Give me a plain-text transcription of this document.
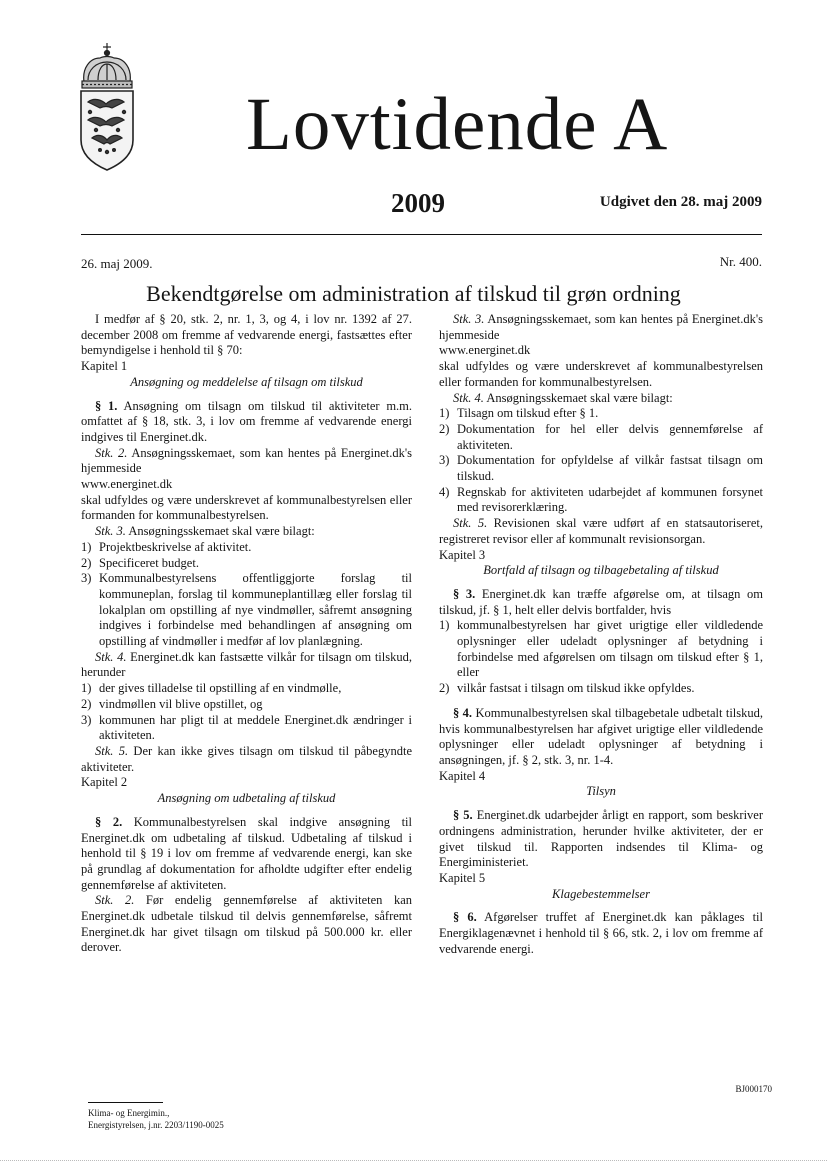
Lovtidende A
2009	Udgivet den 28. maj 2009
26. maj 2009.	Nr. 400.
Bekendtgørelse om administration af tilskud til grøn ordning

I medfør af § 20, stk. 2, nr. 1, 3, og 4, i lov nr. 1392 af 27. december 2008 om fremme af vedvarende energi, fastsættes efter bemyndigelse i henhold til § 70:

Kapitel 1

Ansøgning og meddelelse af tilsagn om tilskud

§ 1. Ansøgning om tilsagn om tilskud til aktiviteter m.m. omfattet af § 18, stk. 3, i lov om fremme af vedvarende energi indgives til Energinet.dk.

Stk. 2. Ansøgningsskemaet, som kan hentes på Energinet.dk's hjemmeside

www.energinet.dk

skal udfyldes og være underskrevet af kommunalbestyrelsen eller formanden for kommunalbestyrelsen.

Stk. 3. Ansøgningsskemaet skal være bilagt:

1) Projektbeskrivelse af aktivitet.
2) Specificeret budget.
3) Kommunalbestyrelsens offentliggjorte forslag til kommuneplan, forslag til kommuneplantillæg eller forslag til lokalplan om opstilling af nye vindmøller, såfremt ansøgning indgives i forbindelse med behandlingen af ansøgning om opstilling af vindmøller i medfør af lov planlægning.

Stk. 4. Energinet.dk kan fastsætte vilkår for tilsagn om tilskud, herunder

1) der gives tilladelse til opstilling af en vindmølle,
2) vindmøllen vil blive opstillet, og
3) kommunen har pligt til at meddele Energinet.dk ændringer i aktiviteten.

Stk. 5. Der kan ikke gives tilsagn om tilskud til påbegyndte aktiviteter.

Kapitel 2

Ansøgning om udbetaling af tilskud

§ 2. Kommunalbestyrelsen skal indgive ansøgning til Energinet.dk om udbetaling af tilskud. Udbetaling af tilskud i henhold til § 19 i lov om fremme af vedvarende energi, kan ske på grundlag af dokumentation for afholdte udgifter efter endelig gennemførelse af aktiviteten.

Stk. 2. Før endelig gennemførelse af aktiviteten kan Energinet.dk udbetale tilskud til delvis gennemførelse, såfremt Energinet.dk har givet tilsagn om tilskud på 500.000 kr. eller derover.

Stk. 3. Ansøgningsskemaet, som kan hentes på Energinet.dk's hjemmeside

www.energinet.dk

skal udfyldes og være underskrevet af kommunalbestyrelsen eller formanden for kommunalbestyrelsen.

Stk. 4. Ansøgningsskemaet skal være bilagt:

1) Tilsagn om tilskud efter § 1.
2) Dokumentation for hel eller delvis gennemførelse af aktiviteten.
3) Dokumentation for opfyldelse af vilkår fastsat tilsagn om tilskud.
4) Regnskab for aktiviteten udarbejdet af kommunen forsynet med revisorerklæring.

Stk. 5. Revisionen skal være udført af en statsautoriseret, registreret revisor eller af kommunalt revisionsorgan.

Kapitel 3

Bortfald af tilsagn og tilbagebetaling af tilskud

§ 3. Energinet.dk kan træffe afgørelse om, at tilsagn om tilskud, jf. § 1, helt eller delvis bortfalder, hvis

1) kommunalbestyrelsen har givet urigtige eller vildledende oplysninger eller udeladt oplysninger af betydning i forbindelse med afgørelsen om tilsagn om tilskud efter § 1, eller
2) vilkår fastsat i tilsagn om tilskud ikke opfyldes.

§ 4. Kommunalbestyrelsen skal tilbagebetale udbetalt tilskud, hvis kommunalbestyrelsen har afgivet urigtige eller vildledende oplysninger eller udeladt oplysninger af betydning i ansøgningen, jf. § 2, stk. 3, nr. 1-4.

Kapitel 4

Tilsyn

§ 5. Energinet.dk udarbejder årligt en rapport, som beskriver ordningens administration, herunder hvilke aktiviteter, der er givet tilskud til. Rapporten indsendes til Klima- og Energiministeriet.

Kapitel 5

Klagebestemmelser

§ 6. Afgørelser truffet af Energinet.dk kan påklages til Energiklagenævnet i henhold til § 66, stk. 2, i lov om fremme af vedvarende energi.

BJ000170
Klima- og Energimin.,
Energistyrelsen, j.nr. 2203/1190-0025
